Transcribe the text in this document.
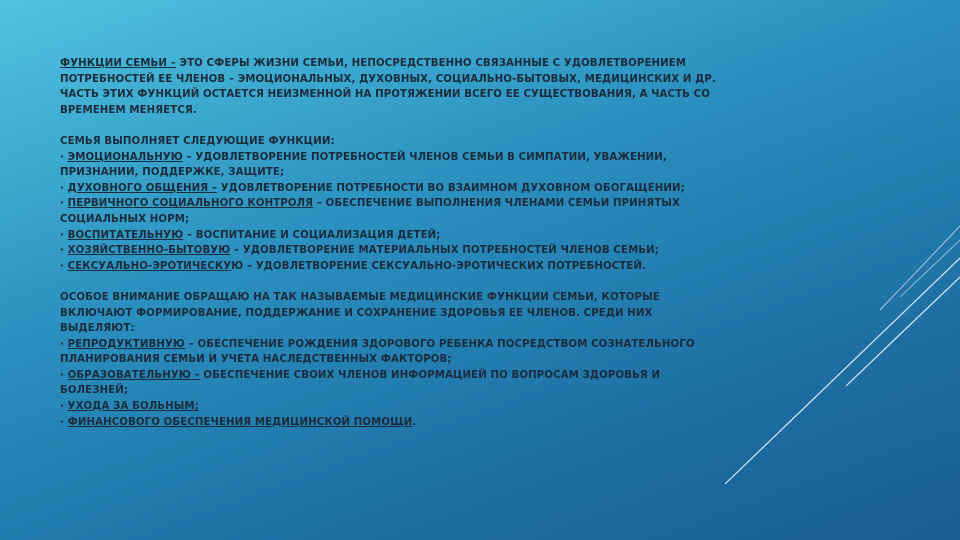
ФУНКЦИИ СЕМЬИ – ЭТО СФЕРЫ ЖИЗНИ СЕМЬИ, НЕПОСРЕДСТВЕННО СВЯЗАННЫЕ С УДОВЛЕТВОРЕНИЕМ ПОТРЕБНОСТЕЙ ЕЕ ЧЛЕНОВ – ЭМОЦИОНАЛЬНЫХ, ДУХОВНЫХ, СОЦИАЛЬНО-БЫТОВЫХ, МЕДИЦИНСКИХ И ДР. ЧАСТЬ ЭТИХ ФУНКЦИЙ ОСТАЕТСЯ НЕИЗМЕННОЙ НА ПРОТЯЖЕНИИ ВСЕГО ЕЕ СУЩЕСТВОВАНИЯ, А ЧАСТЬ СО ВРЕМЕНЕМ МЕНЯЕТСЯ.

СЕМЬЯ ВЫПОЛНЯЕТ СЛЕДУЮЩИЕ ФУНКЦИИ:
· ЭМОЦИОНАЛЬНУЮ – УДОВЛЕТВОРЕНИЕ ПОТРЕБНОСТЕЙ ЧЛЕНОВ СЕМЬИ В СИМПАТИИ, УВАЖЕНИИ, ПРИЗНАНИИ, ПОДДЕРЖКЕ, ЗАЩИТЕ;
· ДУХОВНОГО ОБЩЕНИЯ – УДОВЛЕТВОРЕНИЕ ПОТРЕБНОСТИ ВО ВЗАИМНОМ ДУХОВНОМ ОБОГАЩЕНИИ;
· ПЕРВИЧНОГО СОЦИАЛЬНОГО КОНТРОЛЯ – ОБЕСПЕЧЕНИЕ ВЫПОЛНЕНИЯ ЧЛЕНАМИ СЕМЬИ ПРИНЯТЫХ СОЦИАЛЬНЫХ НОРМ;
· ВОСПИТАТЕЛЬНУЮ – ВОСПИТАНИЕ И СОЦИАЛИЗАЦИЯ ДЕТЕЙ;
· ХОЗЯЙСТВЕННО-БЫТОВУЮ – УДОВЛЕТВОРЕНИЕ МАТЕРИАЛЬНЫХ ПОТРЕБНОСТЕЙ ЧЛЕНОВ СЕМЬИ;
· СЕКСУАЛЬНО-ЭРОТИЧЕСКУЮ – УДОВЛЕТВОРЕНИЕ СЕКСУАЛЬНО-ЭРОТИЧЕСКИХ ПОТРЕБНОСТЕЙ.
ОСОБОЕ ВНИМАНИЕ ОБРАЩАЮ НА ТАК НАЗЫВАЕМЫЕ МЕДИЦИНСКИЕ ФУНКЦИИ СЕМЬИ, КОТОРЫЕ ВКЛЮЧАЮТ ФОРМИРОВАНИЕ, ПОДДЕРЖАНИЕ И СОХРАНЕНИЕ ЗДОРОВЬЯ ЕЕ ЧЛЕНОВ. СРЕДИ НИХ ВЫДЕЛЯЮТ:
· РЕПРОДУКТИВНУЮ – ОБЕСПЕЧЕНИЕ РОЖДЕНИЯ ЗДОРОВОГО РЕБЕНКА ПОСРЕДСТВОМ СОЗНАТЕЛЬНОГО ПЛАНИРОВАНИЯ СЕМЬИ И УЧЕТА НАСЛЕДСТВЕННЫХ ФАКТОРОВ;
· ОБРАЗОВАТЕЛЬНУЮ – ОБЕСПЕЧЕНИЕ СВОИХ ЧЛЕНОВ ИНФОРМАЦИЕЙ ПО ВОПРОСАМ ЗДОРОВЬЯ И БОЛЕЗНЕЙ;
· УХОДА ЗА БОЛЬНЫМ;
· ФИНАНСОВОГО ОБЕСПЕЧЕНИЯ МЕДИЦИНСКОЙ ПОМОЩИ.
